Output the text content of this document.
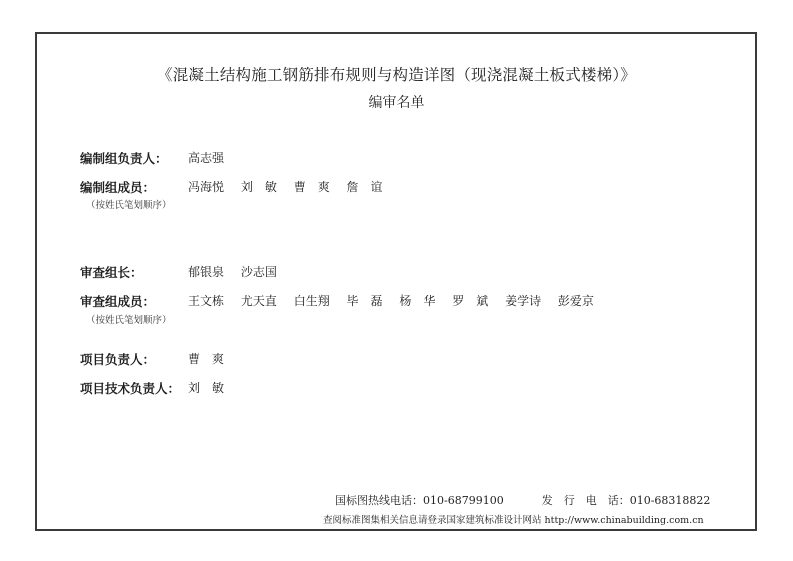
《混凝土结构施工钢筋排布规则与构造详图（现浇混凝土板式楼梯）》
编审名单
编制组负责人： 高志强
编制组成员：
（按姓氏笔划顺序）
冯海悦 刘　敏 曹　爽 詹　谊
审查组长：	郁银泉 沙志国
审查组成员：
（按姓氏笔划顺序）
王文栋 尤天直 白生翔 毕　磊 杨　华 罗　斌 姜学诗 彭爱京
项目负责人：	曹　爽
项目技术负责人： 刘　敏
国标图热线电话：010-68799100	发　行　电　话：010-68318822
查阅标准图集相关信息请登录国家建筑标准设计网站 http://www.chinabuilding.com.cn
